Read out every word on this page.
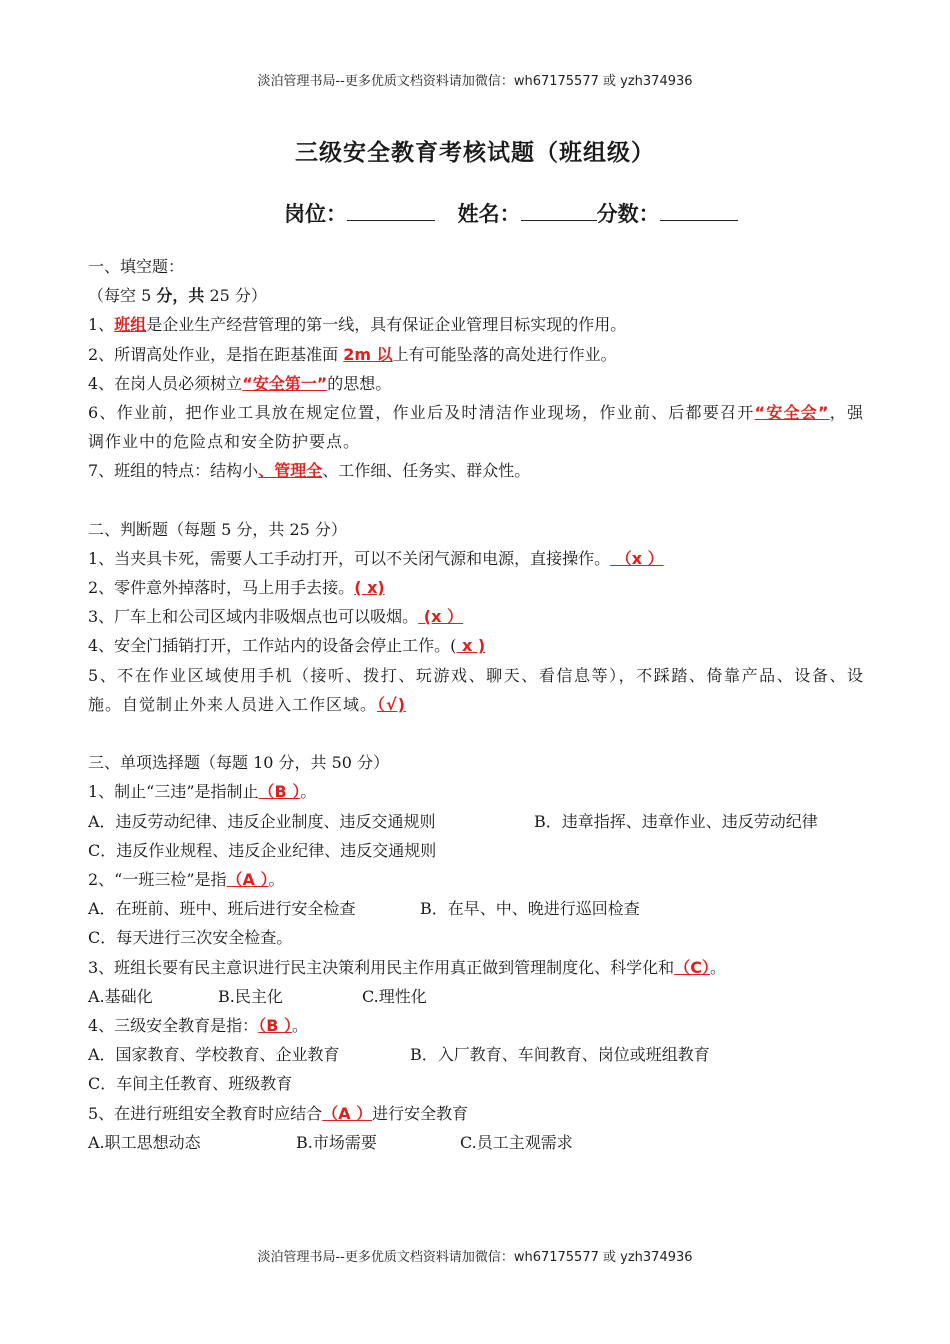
淡泊管理书局--更多优质文档资料请加微信：wh67175577 或 yzh374936
三级安全教育考核试题（班组级）
岗位：	姓名：	分数：
一、填空题：
（每空 5 分，共 25 分）
1、班组是企业生产经营管理的第一线，具有保证企业管理目标实现的作用。
2、所谓高处作业，是指在距基准面 2m 以上有可能坠落的高处进行作业。
4、在岗人员必须树立“安全第一”的思想。
6、作业前，把作业工具放在规定位置，作业后及时清洁作业现场，作业前、后都要召开“安全会”，强调作业中的危险点和安全防护要点。
7、班组的特点：结构小、管理全、工作细、任务实、群众性。
二、判断题（每题 5 分，共 25 分）
1、当夹具卡死，需要人工手动打开，可以不关闭气源和电源，直接操作。 （x ）
2、零件意外掉落时，马上用手去接。( x)
3、厂车上和公司区域内非吸烟点也可以吸烟。 (x ）
4、安全门插销打开，工作站内的设备会停止工作。( x )
5、不在作业区域使用手机（接听、拨打、玩游戏、聊天、看信息等），不踩踏、倚靠产品、设备、设施。自觉制止外来人员进入工作区域。（√)
三、单项选择题（每题 10 分，共 50 分）
1、制止“三违”是指制止（B ）。
A．违反劳动纪律、违反企业制度、违反交通规则	B．违章指挥、违章作业、违反劳动纪律
C．违反作业规程、违反企业纪律、违反交通规则
2、“一班三检”是指（A ）。
A．在班前、班中、班后进行安全检查	B．在早、中、晚进行巡回检查
C．每天进行三次安全检查。
3、班组长要有民主意识进行民主决策利用民主作用真正做到管理制度化、科学化和（C）。
A.基础化	B.民主化	C.理性化
4、三级安全教育是指：（B ）。
A．国家教育、学校教育、企业教育	B．入厂教育、车间教育、岗位或班组教育
C．车间主任教育、班级教育
5、在进行班组安全教育时应结合（A ）进行安全教育
A.职工思想动态	B.市场需要	C.员工主观需求
淡泊管理书局--更多优质文档资料请加微信：wh67175577 或 yzh374936
